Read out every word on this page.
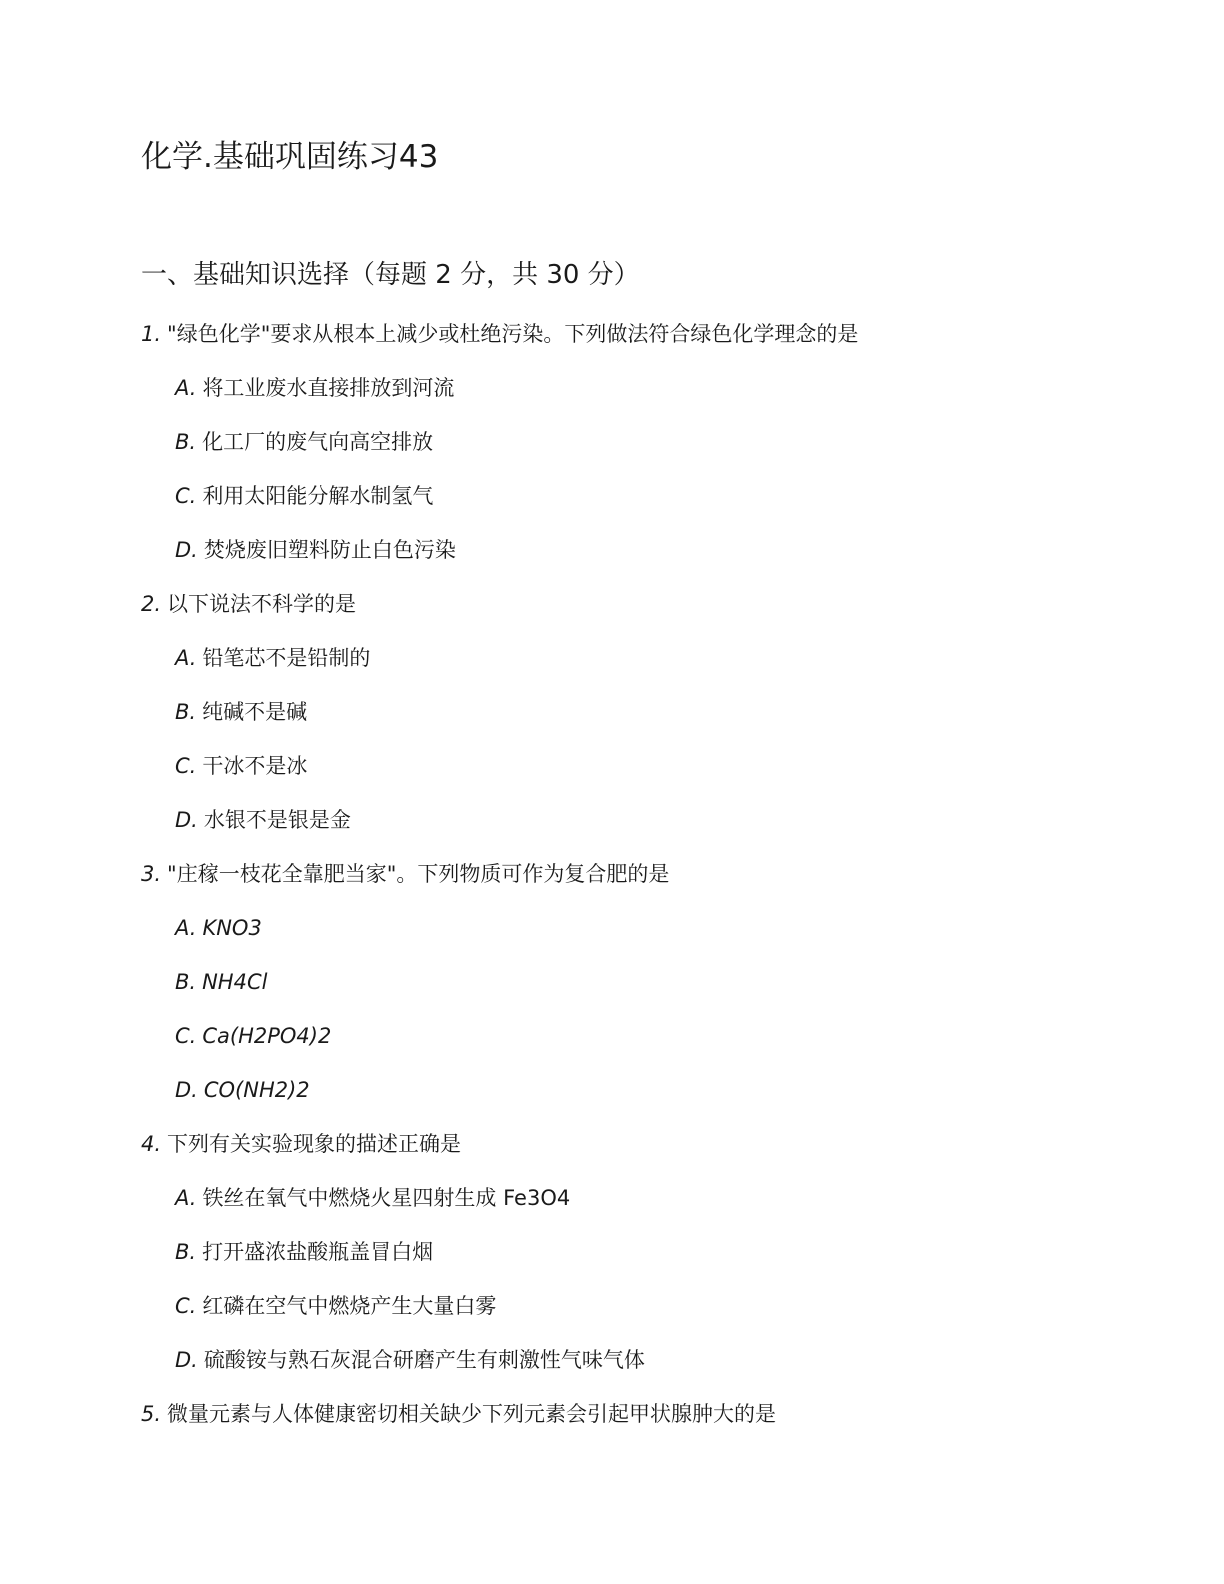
化学.基础巩固练习43
一、基础知识选择（每题 2 分，共 30 分）
1. "绿色化学"要求从根本上减少或杜绝污染。下列做法符合绿色化学理念的是
A. 将工业废水直接排放到河流
B. 化工厂的废气向高空排放
C. 利用太阳能分解水制氢气
D. 焚烧废旧塑料防止白色污染
2. 以下说法不科学的是
A. 铅笔芯不是铅制的
B. 纯碱不是碱
C. 干冰不是冰
D. 水银不是银是金
3. "庄稼一枝花全靠肥当家"。下列物质可作为复合肥的是
A. KNO3
B. NH4Cl
C. Ca(H2PO4)2
D. CO(NH2)2
4. 下列有关实验现象的描述正确是
A. 铁丝在氧气中燃烧火星四射生成 Fe3O4
B. 打开盛浓盐酸瓶盖冒白烟
C. 红磷在空气中燃烧产生大量白雾
D. 硫酸铵与熟石灰混合研磨产生有刺激性气味气体
5. 微量元素与人体健康密切相关缺少下列元素会引起甲状腺肿大的是
